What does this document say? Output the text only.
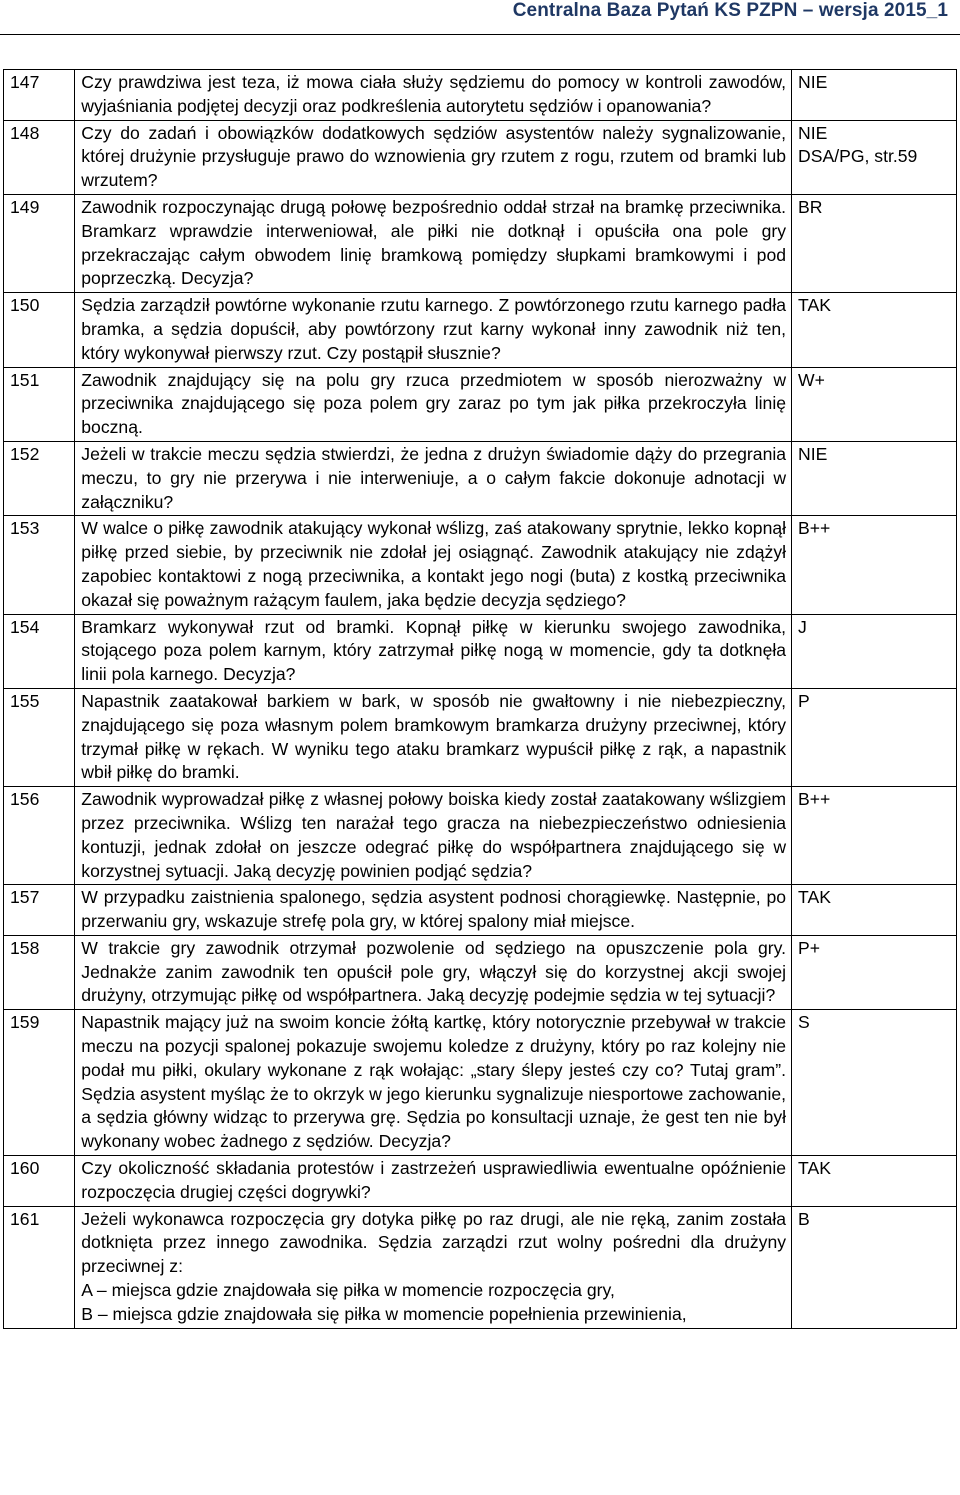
Centralna Baza Pytań KS PZPN – wersja 2015_1
147	Czy prawdziwa jest teza, iż mowa ciała służy sędziemu do pomocy w kontroli zawodów, wyjaśniania podjętej decyzji oraz podkreślenia autorytetu sędziów i opanowania?	NIE

148	Czy do zadań i obowiązków dodatkowych sędziów asystentów należy sygnalizowanie, której drużynie przysługuje prawo do wznowienia gry rzutem z rogu, rzutem od bramki lub wrzutem?	NIE
DSA/PG, str.59

149	Zawodnik rozpoczynając drugą połowę bezpośrednio oddał strzał na bramkę przeciwnika. Bramkarz wprawdzie interweniował, ale piłki nie dotknął i opuściła ona pole gry przekraczając całym obwodem linię bramkową pomiędzy słupkami bramkowymi i pod poprzeczką. Decyzja?	BR

150	Sędzia zarządził powtórne wykonanie rzutu karnego. Z powtórzonego rzutu karnego padła bramka, a sędzia dopuścił, aby powtórzony rzut karny wykonał inny zawodnik niż ten, który wykonywał pierwszy rzut. Czy postąpił słusznie?	TAK

151	Zawodnik znajdujący się na polu gry rzuca przedmiotem w sposób nierozważny w przeciwnika znajdującego się poza polem gry zaraz po tym jak piłka przekroczyła linię boczną.	W+

152	Jeżeli w trakcie meczu sędzia stwierdzi, że jedna z drużyn świadomie dąży do przegrania meczu, to gry nie przerywa i nie interweniuje, a o całym fakcie dokonuje adnotacji w załączniku?	NIE

153	W walce o piłkę zawodnik atakujący wykonał wślizg, zaś atakowany sprytnie, lekko kopnął piłkę przed siebie, by przeciwnik nie zdołał jej osiągnąć. Zawodnik atakujący nie zdążył zapobiec kontaktowi z nogą przeciwnika, a kontakt jego nogi (buta) z kostką przeciwnika okazał się poważnym rażącym faulem, jaka będzie decyzja sędziego?	B++

154	Bramkarz wykonywał rzut od bramki. Kopnął piłkę w kierunku swojego zawodnika, stojącego poza polem karnym, który zatrzymał piłkę nogą w momencie, gdy ta dotknęła linii pola karnego. Decyzja?	J

155	Napastnik zaatakował barkiem w bark, w sposób nie gwałtowny i nie niebezpieczny, znajdującego się poza własnym polem bramkowym bramkarza drużyny przeciwnej, który trzymał piłkę w rękach. W wyniku tego ataku bramkarz wypuścił piłkę z rąk, a napastnik wbił piłkę do bramki.	P

156	Zawodnik wyprowadzał piłkę z własnej połowy boiska kiedy został zaatakowany wślizgiem przez przeciwnika. Wślizg ten narażał tego gracza na niebezpieczeństwo odniesienia kontuzji, jednak zdołał on jeszcze odegrać piłkę do współpartnera znajdującego się w korzystnej sytuacji. Jaką decyzję powinien podjąć sędzia?	B++

157	W przypadku zaistnienia spalonego, sędzia asystent podnosi chorągiewkę. Następnie, po przerwaniu gry, wskazuje strefę pola gry, w której spalony miał miejsce.	TAK

158	W trakcie gry zawodnik otrzymał pozwolenie od sędziego na opuszczenie pola gry. Jednakże zanim zawodnik ten opuścił pole gry, włączył się do korzystnej akcji swojej drużyny, otrzymując piłkę od współpartnera. Jaką decyzję podejmie sędzia w tej sytuacji?	P+

159	Napastnik mający już na swoim koncie żółtą kartkę, który notorycznie przebywał w trakcie meczu na pozycji spalonej pokazuje swojemu koledze z drużyny, który po raz kolejny nie podał mu piłki, okulary wykonane z rąk wołając: „stary ślepy jesteś czy co? Tutaj gram”. Sędzia asystent myśląc że to okrzyk w jego kierunku sygnalizuje niesportowe zachowanie, a sędzia główny widząc to przerywa grę. Sędzia po konsultacji uznaje, że gest ten nie był wykonany wobec żadnego z sędziów. Decyzja?	S

160	Czy okoliczność składania protestów i zastrzeżeń usprawiedliwia ewentualne opóźnienie rozpoczęcia drugiej części dogrywki?	TAK

161	Jeżeli wykonawca rozpoczęcia gry dotyka piłkę po raz drugi, ale nie ręką, zanim została dotknięta przez innego zawodnika. Sędzia zarządzi rzut wolny pośredni dla drużyny przeciwnej z:
A – miejsca gdzie znajdowała się piłka w momencie rozpoczęcia gry,
B – miejsca gdzie znajdowała się piłka w momencie popełnienia przewinienia,	B
